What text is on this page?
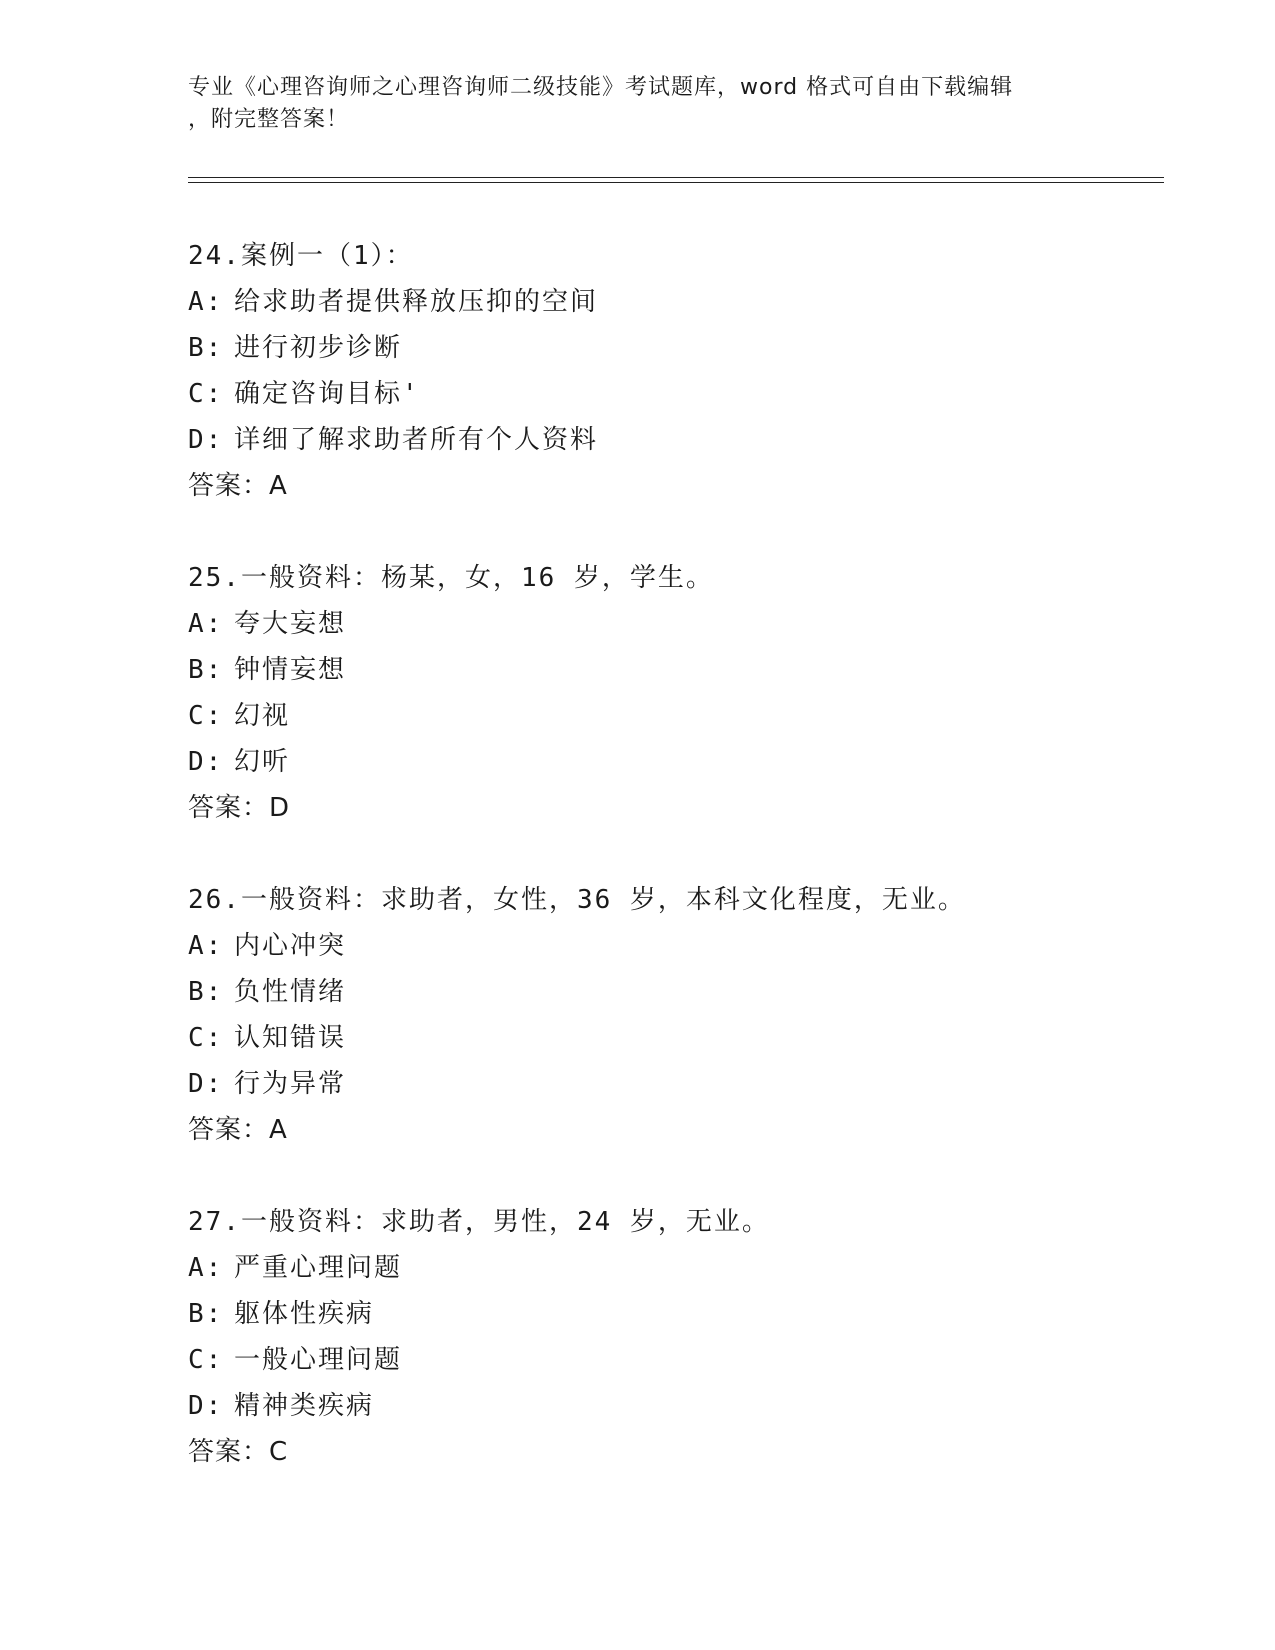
专业《心理咨询师之心理咨询师二级技能》考试题库，word 格式可自由下载编辑
，附完整答案！
24.案例一（1）：
A: 给求助者提供释放压抑的空间
B: 进行初步诊断
C: 确定咨询目标'
D: 详细了解求助者所有个人资料
答案：A
25.一般资料：杨某，女，16 岁，学生。
A: 夸大妄想
B: 钟情妄想
C: 幻视
D: 幻听
答案：D
26.一般资料：求助者，女性，36 岁，本科文化程度，无业。
A: 内心冲突
B: 负性情绪
C: 认知错误
D: 行为异常
答案：A
27.一般资料：求助者，男性，24 岁，无业。
A: 严重心理问题
B: 躯体性疾病
C: 一般心理问题
D: 精神类疾病
答案：C
